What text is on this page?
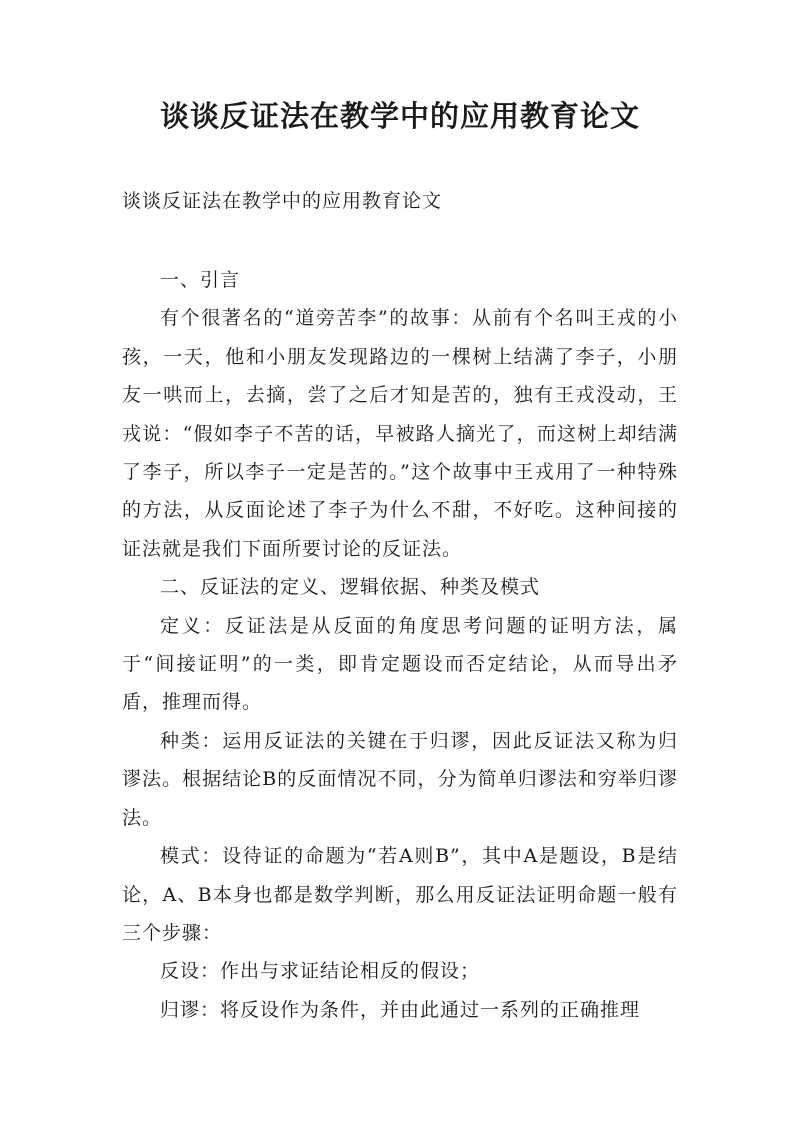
谈谈反证法在教学中的应用教育论文
谈谈反证法在教学中的应用教育论文

一、引言

有个很著名的“道旁苦李”的故事：从前有个名叫王戎的小孩，一天，他和小朋友发现路边的一棵树上结满了李子，小朋友一哄而上，去摘，尝了之后才知是苦的，独有王戎没动，王戎说：“假如李子不苦的话，早被路人摘光了，而这树上却结满了李子，所以李子一定是苦的。”这个故事中王戎用了一种特殊的方法，从反面论述了李子为什么不甜，不好吃。这种间接的证法就是我们下面所要讨论的反证法。

二、反证法的定义、逻辑依据、种类及模式

定义：反证法是从反面的角度思考问题的证明方法，属于“间接证明”的一类，即肯定题设而否定结论，从而导出矛盾，推理而得。

种类：运用反证法的关键在于归谬，因此反证法又称为归谬法。根据结论B的反面情况不同，分为简单归谬法和穷举归谬法。

模式：设待证的命题为“若A则B”，其中A是题设，B是结论，A、B本身也都是数学判断，那么用反证法证明命题一般有三个步骤：

反设：作出与求证结论相反的假设；

归谬：将反设作为条件，并由此通过一系列的正确推理
